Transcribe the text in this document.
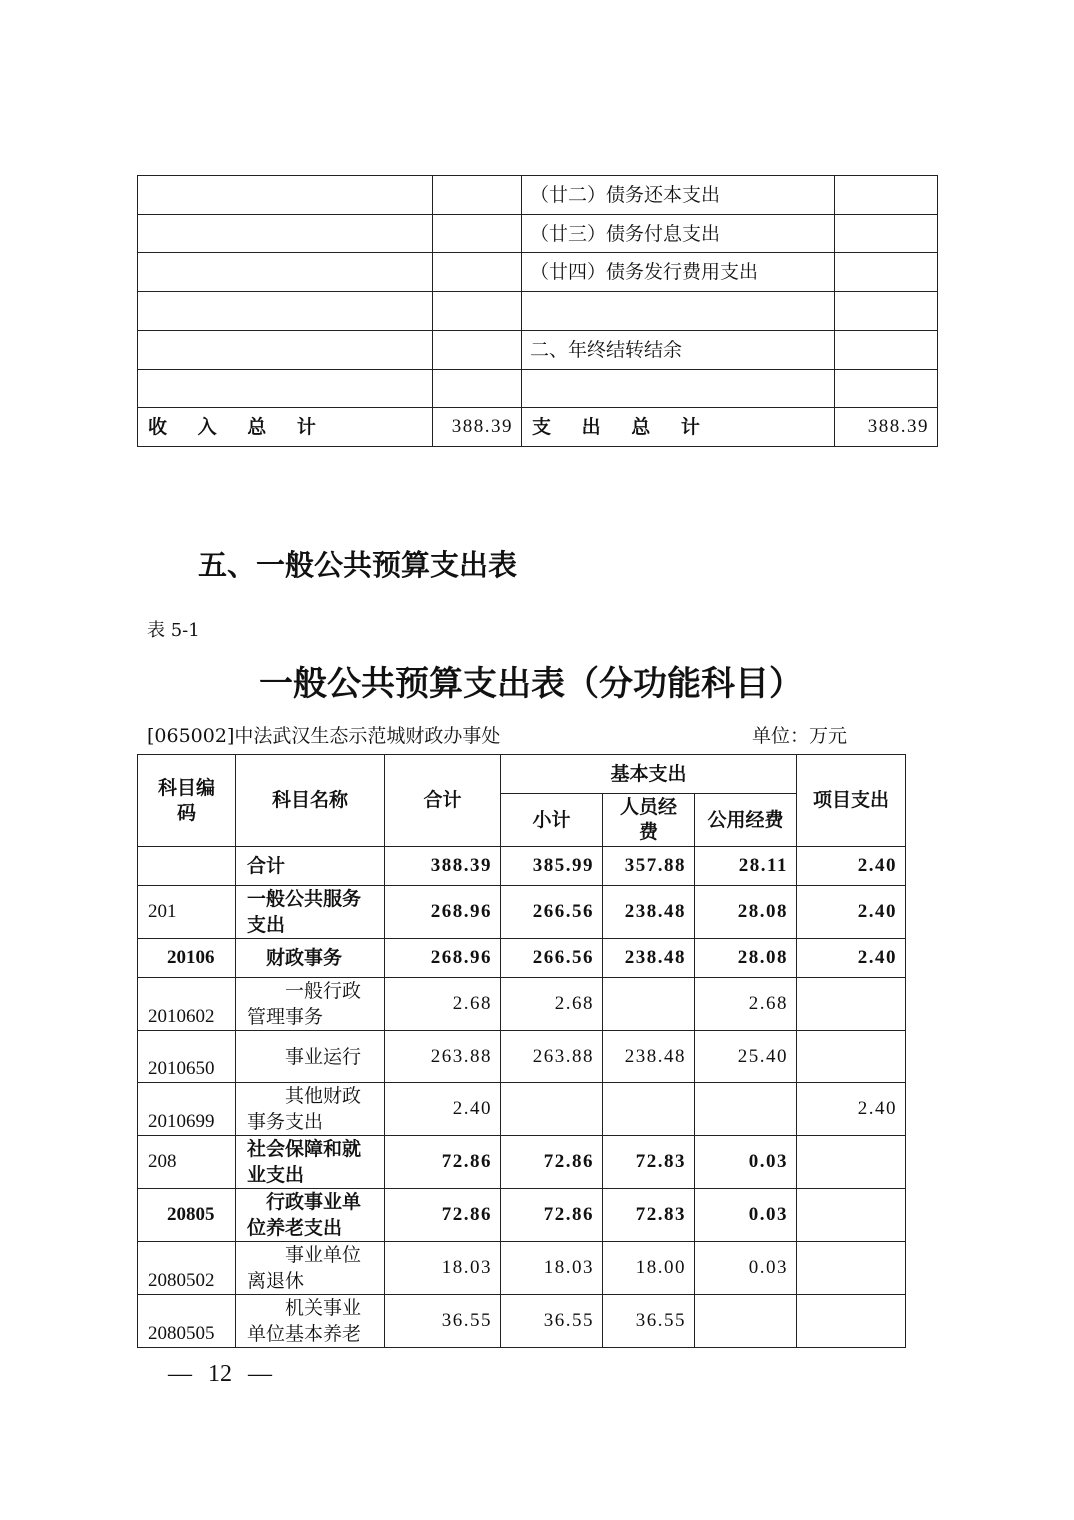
		（廿二）债务还本支出	
		（廿三）债务付息支出	
		（廿四）债务发行费用支出	

		二、年终结转结余	

收 入 总 计	388.39	支 出 总 计	388.39
五、一般公共预算支出表
表 5-1
一般公共预算支出表（分功能科目）
[065002]中法武汉生态示范城财政办事处	单位：万元
科目编码	科目名称	合计	基本支出			项目支出
			小计	人员经费	公用经费	

	合计	388.39	385.99	357.88	28.11	2.40
201	一般公共服务支出	268.96	266.56	238.48	28.08	2.40
20106	财政事务	268.96	266.56	238.48	28.08	2.40
2010602	一般行政管理事务	2.68	2.68		2.68	
2010650	事业运行	263.88	263.88	238.48	25.40	
2010699	其他财政事务支出	2.40				2.40
208	社会保障和就业支出	72.86	72.86	72.83	0.03	
20805	行政事业单位养老支出	72.86	72.86	72.83	0.03	
2080502	事业单位离退休	18.03	18.03	18.00	0.03	
2080505	机关事业单位基本养老	36.55	36.55	36.55		
— 12 —
